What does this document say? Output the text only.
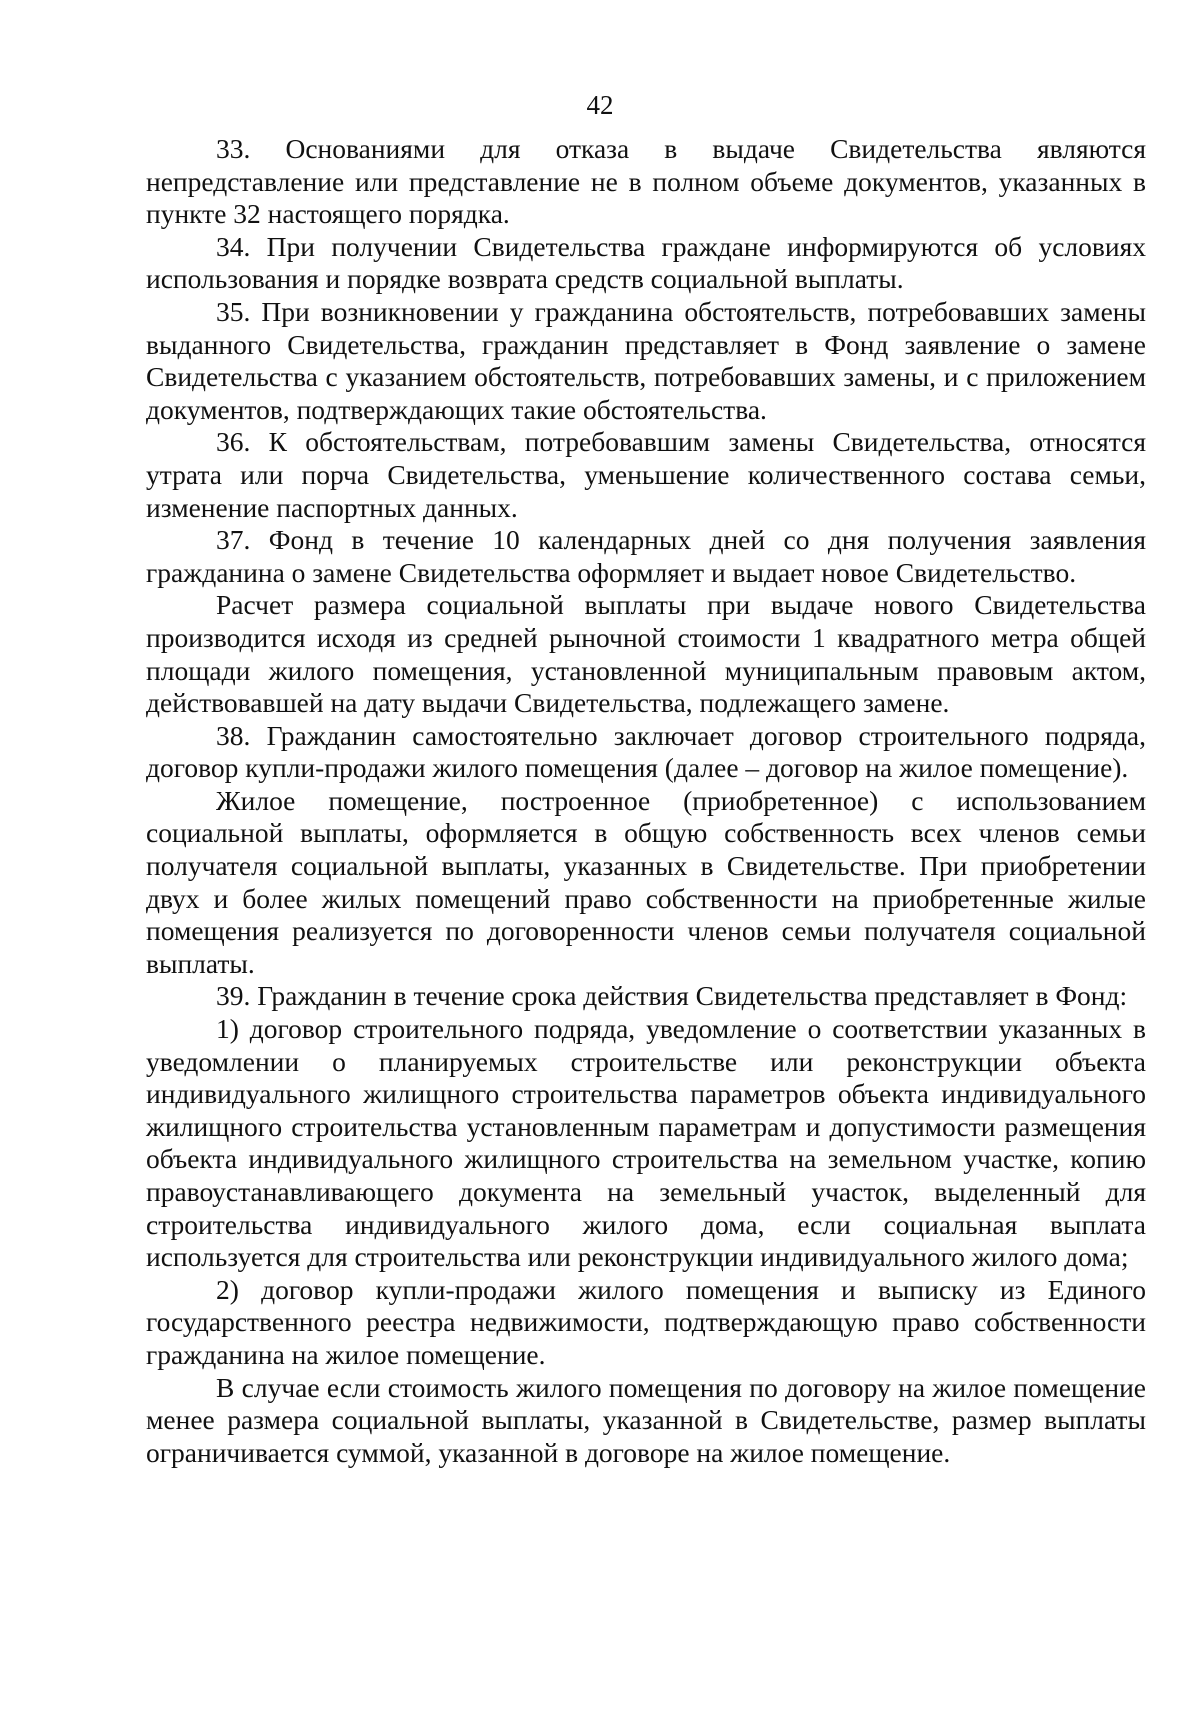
42

33. Основаниями для отказа в выдаче Свидетельства являются непредставление или представление не в полном объеме документов, указанных в пункте 32 настоящего порядка.

34. При получении Свидетельства граждане информируются об условиях использования и порядке возврата средств социальной выплаты.

35. При возникновении у гражданина обстоятельств, потребовавших замены выданного Свидетельства, гражданин представляет в Фонд заявление о замене Свидетельства с указанием обстоятельств, потребовавших замены, и с приложением документов, подтверждающих такие обстоятельства.

36. К обстоятельствам, потребовавшим замены Свидетельства, относятся утрата или порча Свидетельства, уменьшение количественного состава семьи, изменение паспортных данных.

37. Фонд в течение 10 календарных дней со дня получения заявления гражданина о замене Свидетельства оформляет и выдает новое Свидетельство.

Расчет размера социальной выплаты при выдаче нового Свидетельства производится исходя из средней рыночной стоимости 1 квадратного метра общей площади жилого помещения, установленной муниципальным правовым актом, действовавшей на дату выдачи Свидетельства, подлежащего замене.

38. Гражданин самостоятельно заключает договор строительного подряда, договор купли-продажи жилого помещения (далее – договор на жилое помещение).

Жилое помещение, построенное (приобретенное) с использованием социальной выплаты, оформляется в общую собственность всех членов семьи получателя социальной выплаты, указанных в Свидетельстве. При приобретении двух и более жилых помещений право собственности на приобретенные жилые помещения реализуется по договоренности членов семьи получателя социальной выплаты.

39. Гражданин в течение срока действия Свидетельства представляет в Фонд:

1) договор строительного подряда, уведомление о соответствии указанных в уведомлении о планируемых строительстве или реконструкции объекта индивидуального жилищного строительства параметров объекта индивидуального жилищного строительства установленным параметрам и допустимости размещения объекта индивидуального жилищного строительства на земельном участке, копию правоустанавливающего документа на земельный участок, выделенный для строительства индивидуального жилого дома, если социальная выплата используется для строительства или реконструкции индивидуального жилого дома;

2) договор купли-продажи жилого помещения и выписку из Единого государственного реестра недвижимости, подтверждающую право собственности гражданина на жилое помещение.

В случае если стоимость жилого помещения по договору на жилое помещение менее размера социальной выплаты, указанной в Свидетельстве, размер выплаты ограничивается суммой, указанной в договоре на жилое помещение.
